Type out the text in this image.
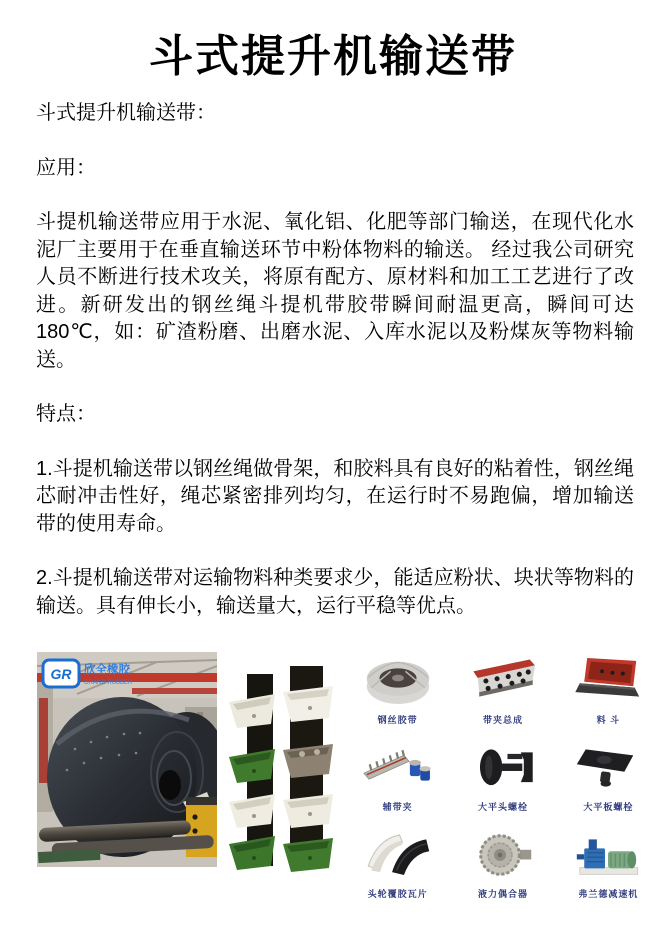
斗式提升机输送带

斗式提升机输送带：

应用：

斗提机输送带应用于水泥、氧化铝、化肥等部门输送，在现代化水泥厂主要用于在垂直输送环节中粉体物料的输送。 经过我公司研究人员不断进行技术攻关，将原有配方、原材料和加工工艺进行了改进。新研发出的钢丝绳斗提机带胶带瞬间耐温更高，瞬间可达180℃，如：矿渣粉磨、出磨水泥、入库水泥以及粉煤灰等物料输送。

特点：

1.斗提机输送带以钢丝绳做骨架，和胶料具有良好的粘着性，钢丝绳芯耐冲击性好，绳芯紧密排列均匀，在运行时不易跑偏，增加输送带的使用寿命。

2.斗提机输送带对运输物料种类要求少，能适应粉状、块状等物料的输送。具有伸长小，输送量大，运行平稳等优点。

GR 欣全橡胶
GRAND RUBBER
钢丝胶带	带夹总成	料 斗
辅带夹	大平头螺栓	大平板螺栓
头轮覆胶瓦片	液力偶合器	弗兰德减速机
